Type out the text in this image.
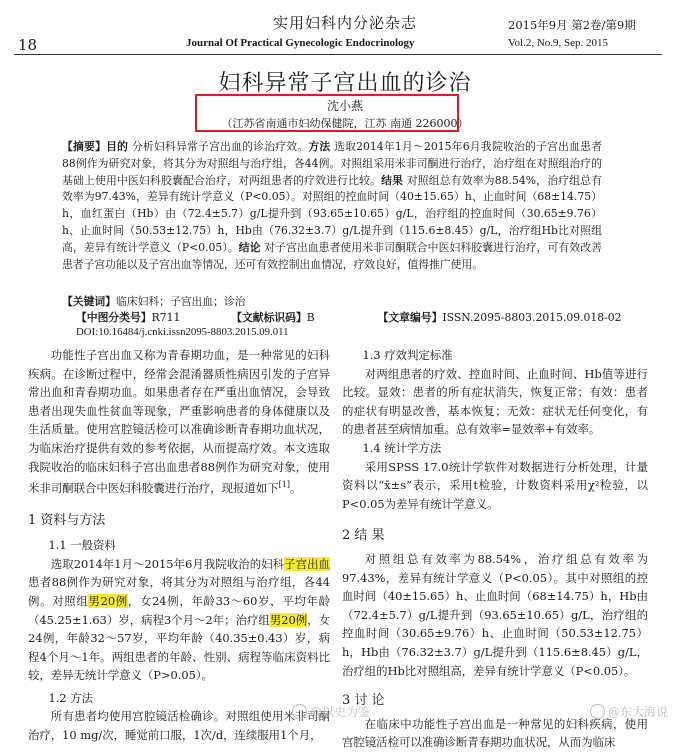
18
实用妇科内分泌杂志
Journal Of Practical Gynecologic Endocrinology
2015年9月 第2卷/第9期
Vol.2, No.9, Sep. 2015
妇科异常子宫出血的诊治
沈小燕
（江苏省南通市妇幼保健院，江苏 南通 226000）
【摘要】目的 分析妇科异常子宫出血的诊治疗效。方法 选取2014年1月～2015年6月我院收治的子宫出血患者88例作为研究对象，将其分为对照组与治疗组，各44例。对照组采用米非司酮进行治疗，治疗组在对照组治疗的基础上使用中医妇科胶囊配合治疗，对两组患者的疗效进行比较。结果 对照组总有效率为88.54%，治疗组总有效率为97.43%，差异有统计学意义（P<0.05）。对照组的控血时间（40±15.65）h、止血时间（68±14.75）h，血红蛋白（Hb）由（72.4±5.7）g/L提升到（93.65±10.65）g/L，治疗组的控血时间（30.65±9.76）h、止血时间（50.53±12.75）h，Hb由（76.32±3.7）g/L提升到（115.6±8.45）g/L，治疗组Hb比对照组高，差异有统计学意义（P<0.05）。结论 对子宫出血患者使用米非司酮联合中医妇科胶囊进行治疗，可有效改善患者子宫功能以及子宫出血等情况，还可有效控制出血情况，疗效良好，值得推广使用。
【关键词】临床妇科；子宫出血；诊治
【中图分类号】R711	【文献标识码】B	【文章编号】ISSN.2095-8803.2015.09.018-02
DOI:10.16484/j.cnki.issn2095-8803.2015.09.011
功能性子宫出血又称为青春期功血，是一种常见的妇科疾病。在诊断过程中，经常会混淆器质性病因引发的子宫异常出血和青春期功血。如果患者存在严重出血情况，会导致患者出现失血性贫血等现象，严重影响患者的身体健康以及生活质量。使用宫腔镜活检可以准确诊断青春期功血状况，为临床治疗提供有效的参考依据，从而提高疗效。本文选取我院收治的临床妇科子宫出血患者88例作为研究对象，使用米非司酮联合中医妇科胶囊进行治疗，现报道如下[1]。
1 资料与方法
1.1 一般资料
选取2014年1月～2015年6月我院收治的妇科子宫出血患者88例作为研究对象，将其分为对照组与治疗组，各44例。对照组男20例，女24例，年龄33～60岁，平均年龄（45.25±1.63）岁，病程3个月～2年；治疗组男20例，女24例，年龄32～57岁，平均年龄（40.35±0.43）岁，病程4个月～1年。两组患者的年龄、性别、病程等临床资料比较，差异无统计学意义（P>0.05）。
1.2 方法
所有患者均使用宫腔镜活检确诊。对照组使用米非司酮治疗，10 mg/次，睡觉前口服，1次/d，连续服用1个月，
1.3 疗效判定标准
对两组患者的疗效、控血时间、止血时间、Hb值等进行比较。显效：患者的所有症状消失，恢复正常；有效：患者的症状有明显改善，基本恢复；无效：症状无任何变化，有的患者甚至病情加重。总有效率=显效率+有效率。
1.4 统计学方法
采用SPSS 17.0统计学软件对数据进行分析处理，计量资料以“x̄±s”表示，采用t检验，计数资料采用χ²检验，以P<0.05为差异有统计学意义。
2 结 果
对照组总有效率为88.54%，治疗组总有效率为97.43%，差异有统计学意义（P<0.05）。其中对照组的控血时间（40±15.65）h、止血时间（68±14.75）h，Hb由（72.4±5.7）g/L提升到（93.65±10.65）g/L，治疗组的控血时间（30.65±9.76）h、止血时间（50.53±12.75）h，Hb由（76.32±3.7）g/L提升到（115.6±8.45）g/L，治疗组的Hb比对照组高，差异有统计学意义（P<0.05）。
3 讨 论
在临床中功能性子宫出血是一种常见的妇科疾病，使用宫腔镜活检可以准确诊断青春期功血状况，从而为临床
@以史为鉴	@东大海说
